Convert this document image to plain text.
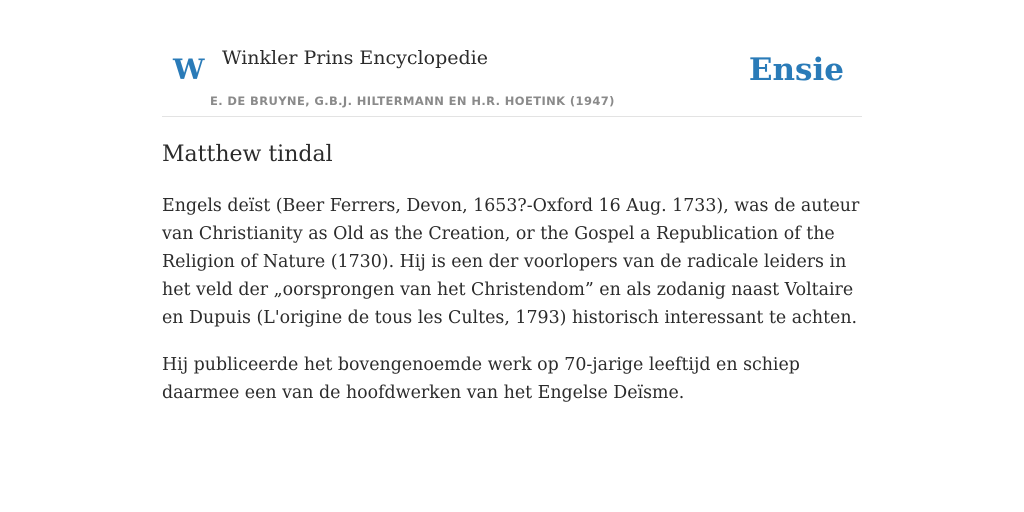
W Winkler Prins Encyclopedie
E. DE BRUYNE, G.B.J. HILTERMANN EN H.R. HOETINK (1947)
Ensie
Matthew tindal

Engels deïst (Beer Ferrers, Devon, 1653?-Oxford 16 Aug. 1733), was de auteur van Christianity as Old as the Creation, or the Gospel a Republication of the Religion of Nature (1730). Hij is een der voorlopers van de radicale leiders in het veld der „oorsprongen van het Christendom” en als zodanig naast Voltaire en Dupuis (L'origine de tous les Cultes, 1793) historisch interessant te achten.

Hij publiceerde het bovengenoemde werk op 70-jarige leeftijd en schiep daarmee een van de hoofdwerken van het Engelse Deïsme.
